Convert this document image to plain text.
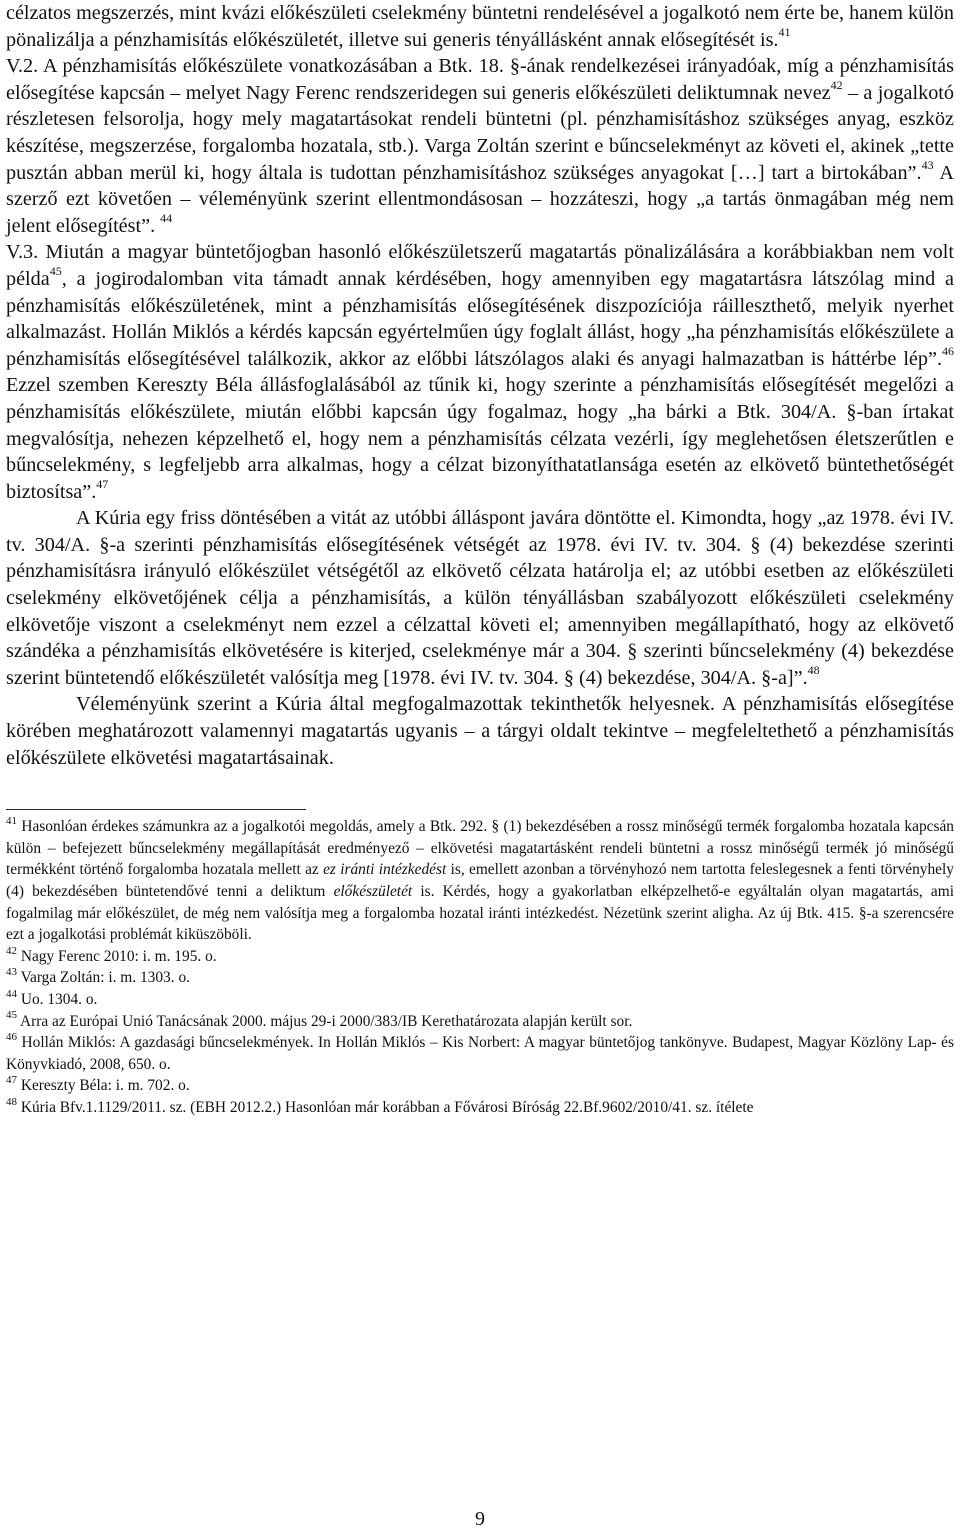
célzatos megszerzés, mint kvázi előkészületi cselekmény büntetni rendelésével a jogalkotó nem érte be, hanem külön pönalizálja a pénzhamisítás előkészületét, illetve sui generis tényállásként annak elősegítését is.$^{41}$
V.2. A pénzhamisítás előkészülete vonatkozásában a Btk. 18. §-ának rendelkezései irányadóak, míg a pénzhamisítás elősegítése kapcsán – melyet Nagy Ferenc rendszeridegen sui generis előkészületi deliktumnak nevez$^{42}$ – a jogalkotó részletesen felsorolja, hogy mely magatartásokat rendeli büntetni (pl. pénzhamisításhoz szükséges anyag, eszköz készítése, megszerzése, forgalomba hozatala, stb.). Varga Zoltán szerint e bűncselekményt az követi el, akinek „tette pusztán abban merül ki, hogy általa is tudottan pénzhamisításhoz szükséges anyagokat […] tart a birtokában”.$^{43}$ A szerző ezt követően – véleményünk szerint ellentmondásosan – hozzáteszi, hogy „a tartás önmagában még nem jelent elősegítést”. $^{44}$
V.3. Miután a magyar büntetőjogban hasonló előkészületszerű magatartás pönalizálására a korábbiakban nem volt példa$^{45}$, a jogirodalomban vita támadt annak kérdésében, hogy amennyiben egy magatartásra látszólag mind a pénzhamisítás előkészületének, mint a pénzhamisítás elősegítésének diszpozíciója ráilleszthető, melyik nyerhet alkalmazást. Hollán Miklós a kérdés kapcsán egyértelműen úgy foglalt állást, hogy „ha pénzhamisítás előkészülete a pénzhamisítás elősegítésével találkozik, akkor az előbbi látszólagos alaki és anyagi halmazatban is háttérbe lép”.$^{46}$ Ezzel szemben Kereszty Béla állásfoglalásából az tűnik ki, hogy szerinte a pénzhamisítás elősegítését megelőzi a pénzhamisítás előkészülete, miután előbbi kapcsán úgy fogalmaz, hogy „ha bárki a Btk. 304/A. §-ban írtakat megvalósítja, nehezen képzelhető el, hogy nem a pénzhamisítás célzata vezérli, így meglehetősen életszerűtlen e bűncselekmény, s legfeljebb arra alkalmas, hogy a célzat bizonyíthatatlansága esetén az elkövető büntethetőségét biztosítsa”.$^{47}$

A Kúria egy friss döntésében a vitát az utóbbi álláspont javára döntötte el. Kimondta, hogy „az 1978. évi IV. tv. 304/A. §-a szerinti pénzhamisítás elősegítésének vétségét az 1978. évi IV. tv. 304. § (4) bekezdése szerinti pénzhamisításra irányuló előkészület vétségétől az elkövető célzata határolja el; az utóbbi esetben az előkészületi cselekmény elkövetőjének célja a pénzhamisítás, a külön tényállásban szabályozott előkészületi cselekmény elkövetője viszont a cselekményt nem ezzel a célzattal követi el; amennyiben megállapítható, hogy az elkövető szándéka a pénzhamisítás elkövetésére is kiterjed, cselekménye már a 304. § szerinti bűncselekmény (4) bekezdése szerint büntetendő előkészületét valósítja meg [1978. évi IV. tv. 304. § (4) bekezdése, 304/A. §-a]”.$^{48}$

Véleményünk szerint a Kúria által megfogalmazottak tekinthetők helyesnek. A pénzhamisítás elősegítése körében meghatározott valamennyi magatartás ugyanis – a tárgyi oldalt tekintve – megfeleltethető a pénzhamisítás előkészülete elkövetési magatartásainak.

$^{41}$ Hasonlóan érdekes számunkra az a jogalkotói megoldás, amely a Btk. 292. § (1) bekezdésében a rossz minőségű termék forgalomba hozatala kapcsán külön – befejezett bűncselekmény megállapítását eredményező – elkövetési magatartásként rendeli büntetni a rossz minőségű termék jó minőségű termékként történő forgalomba hozatala mellett az ez iránti intézkedést is, emellett azonban a törvényhozó nem tartotta feleslegesnek a fenti törvényhely (4) bekezdésében büntetendővé tenni a deliktum előkészületét is. Kérdés, hogy a gyakorlatban elképzelhető-e egyáltalán olyan magatartás, ami fogalmilag már előkészület, de még nem valósítja meg a forgalomba hozatal iránti intézkedést. Nézetünk szerint aligha. Az új Btk. 415. §-a szerencsére ezt a jogalkotási problémát kiküszöböli.

$^{42}$ Nagy Ferenc 2010: i. m. 195. o.

$^{43}$ Varga Zoltán: i. m. 1303. o.

$^{44}$ Uo. 1304. o.

$^{45}$ Arra az Európai Unió Tanácsának 2000. május 29-i 2000/383/IB Kerethatározata alapján került sor.

$^{46}$ Hollán Miklós: A gazdasági bűncselekmények. In Hollán Miklós – Kis Norbert: A magyar büntetőjog tankönyve. Budapest, Magyar Közlöny Lap- és Könyvkiadó, 2008, 650. o.

$^{47}$ Kereszty Béla: i. m. 702. o.

$^{48}$ Kúria Bfv.1.1129/2011. sz. (EBH 2012.2.) Hasonlóan már korábban a Fővárosi Bíróság 22.Bf.9602/2010/41. sz. ítélete

9
